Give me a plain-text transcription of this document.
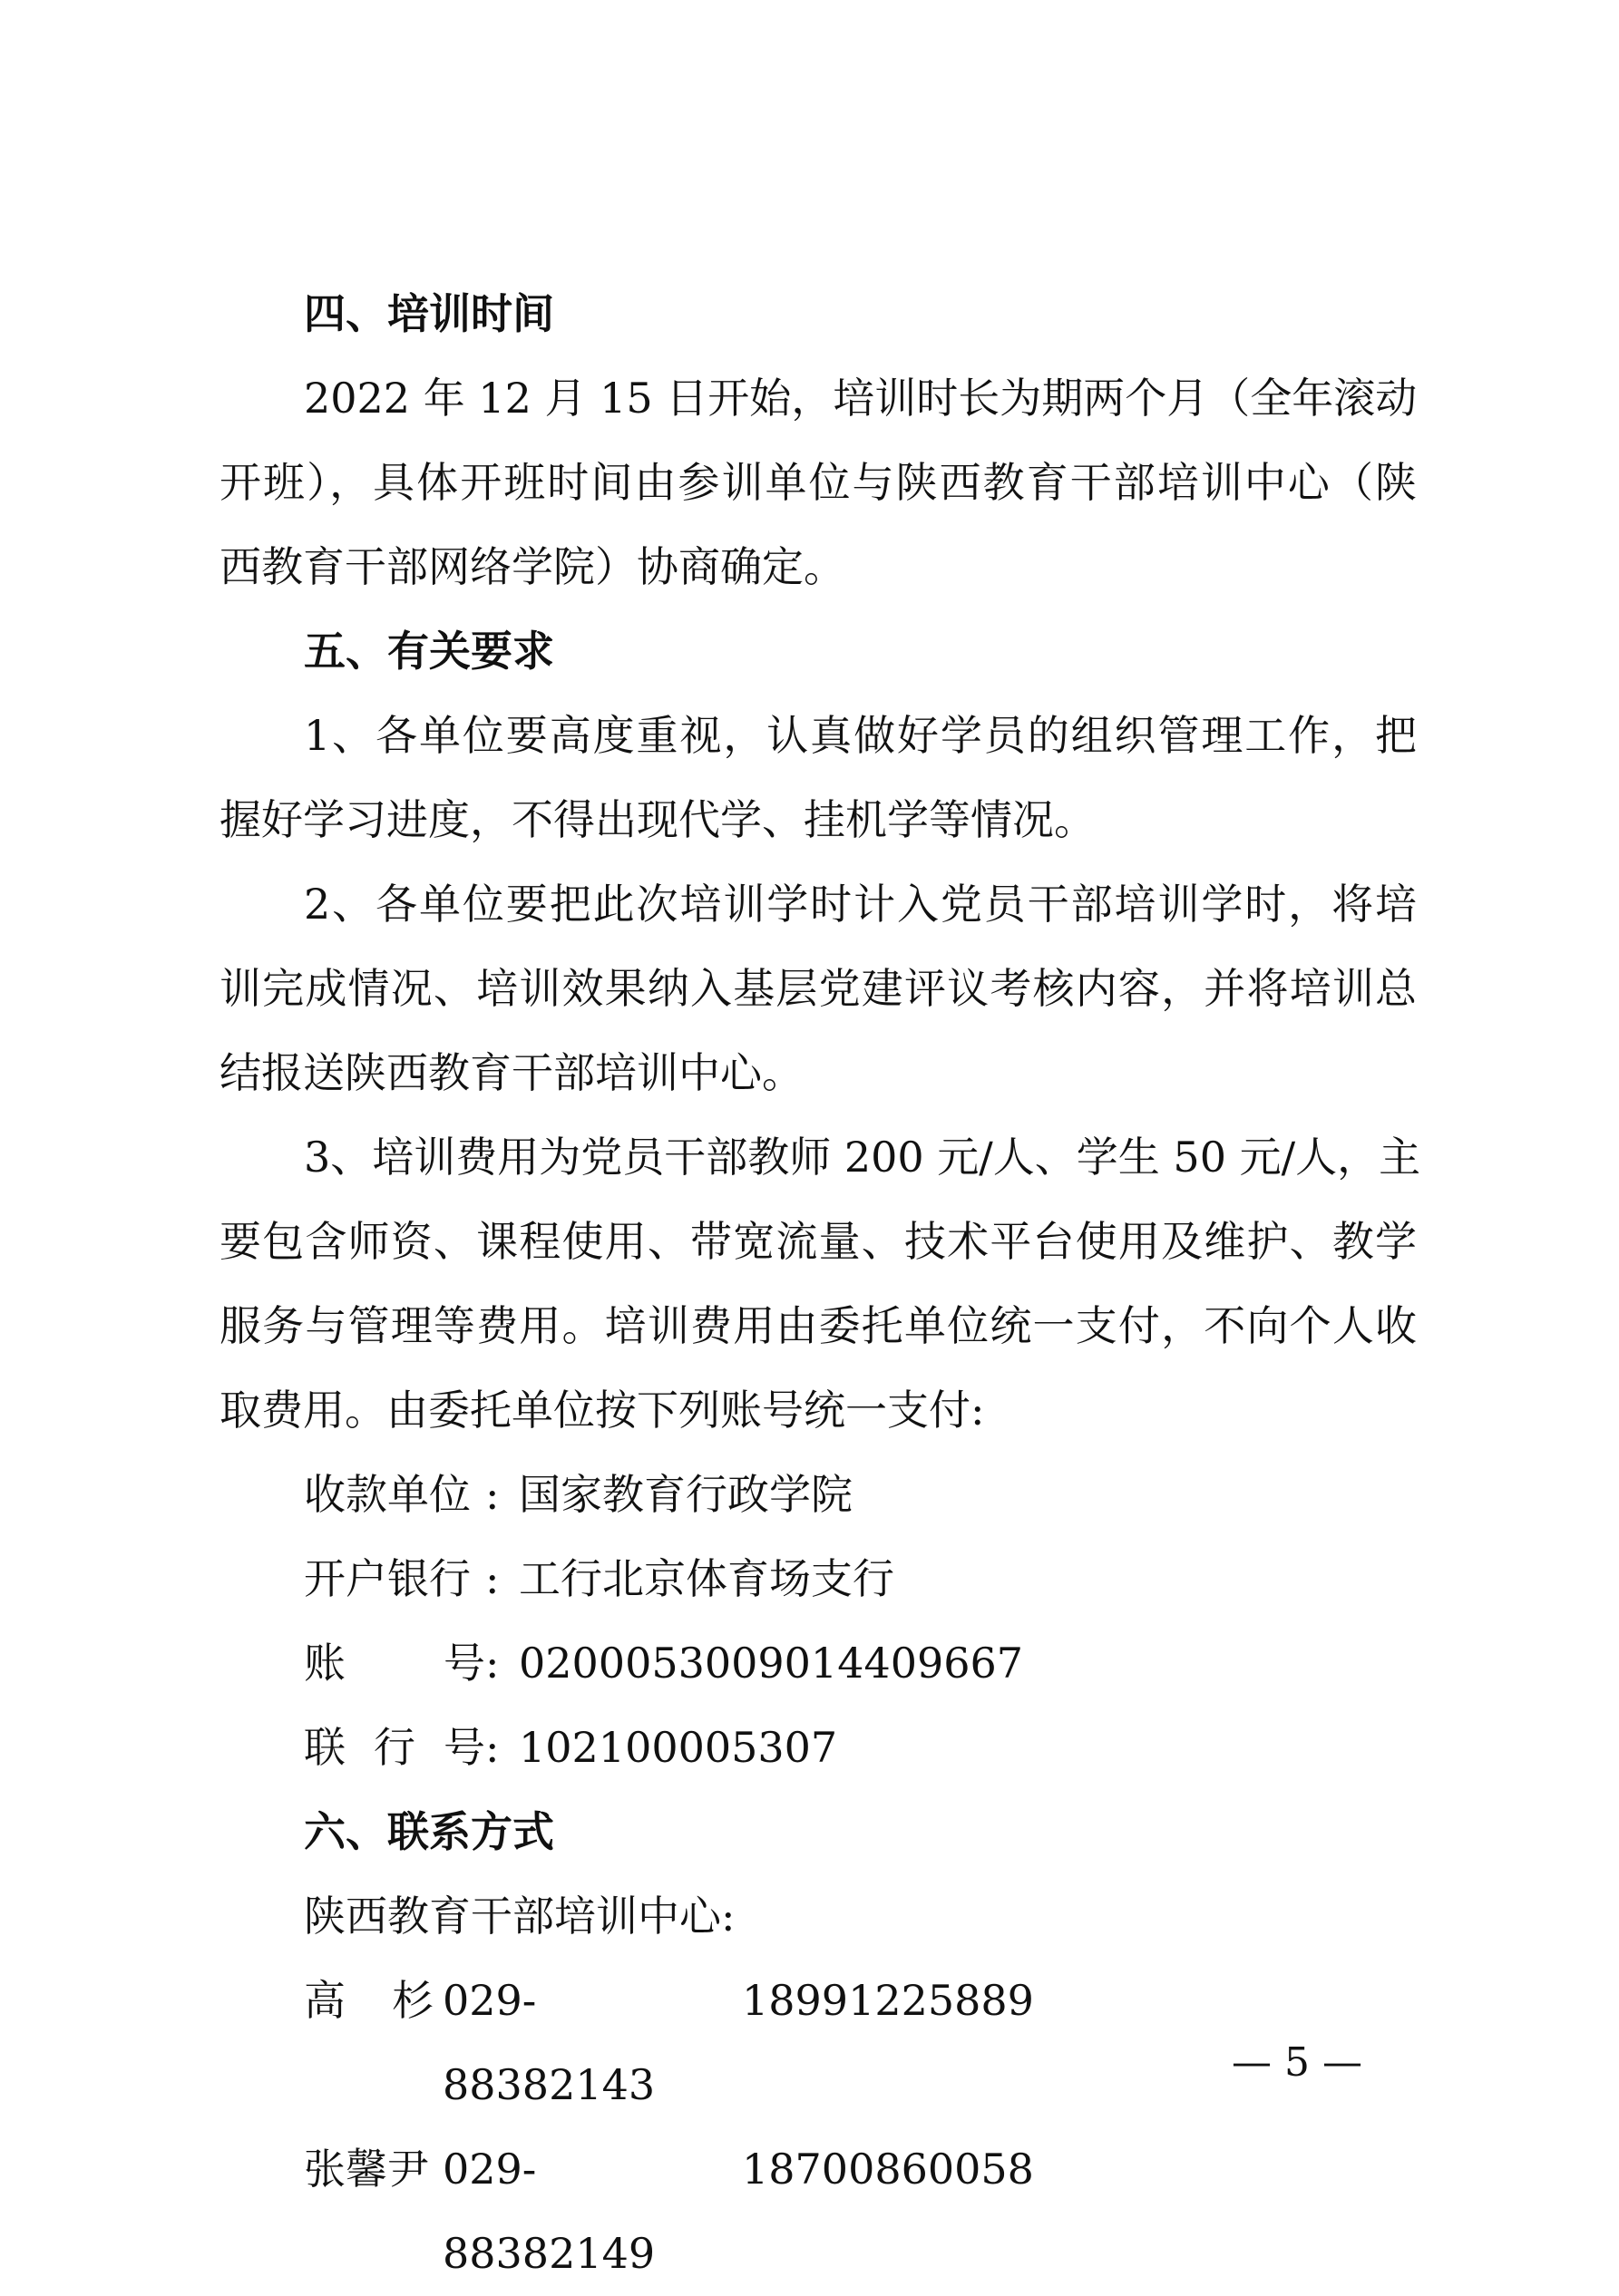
四、培训时间
2022 年 12 月 15 日开始，培训时长为期两个月（全年滚动
开班），具体开班时间由参训单位与陕西教育干部培训中心（陕
西教育干部网络学院）协商确定。
五、有关要求
1、各单位要高度重视，认真做好学员的组织管理工作，把
握好学习进度，不得出现代学、挂机学等情况。
2、各单位要把此次培训学时计入党员干部培训学时，将培
训完成情况、培训效果纳入基层党建评议考核内容，并将培训总
结报送陕西教育干部培训中心。
3、培训费用为党员干部教师 200 元/人、学生 50 元/人，主
要包含师资、课程使用、带宽流量、技术平台使用及维护、教学
服务与管理等费用。培训费用由委托单位统一支付，不向个人收
取费用。由委托单位按下列账号统一支付:
收款单位 : 国家教育行政学院
开户银行 : 工行北京体育场支行
账号 : 0200053009014409667
联行号 : 102100005307
六、联系方式
陕西教育干部培训中心:
高杉 029-88382143
18991225889
张馨尹 029-88382149
18700860058
— 5 —
